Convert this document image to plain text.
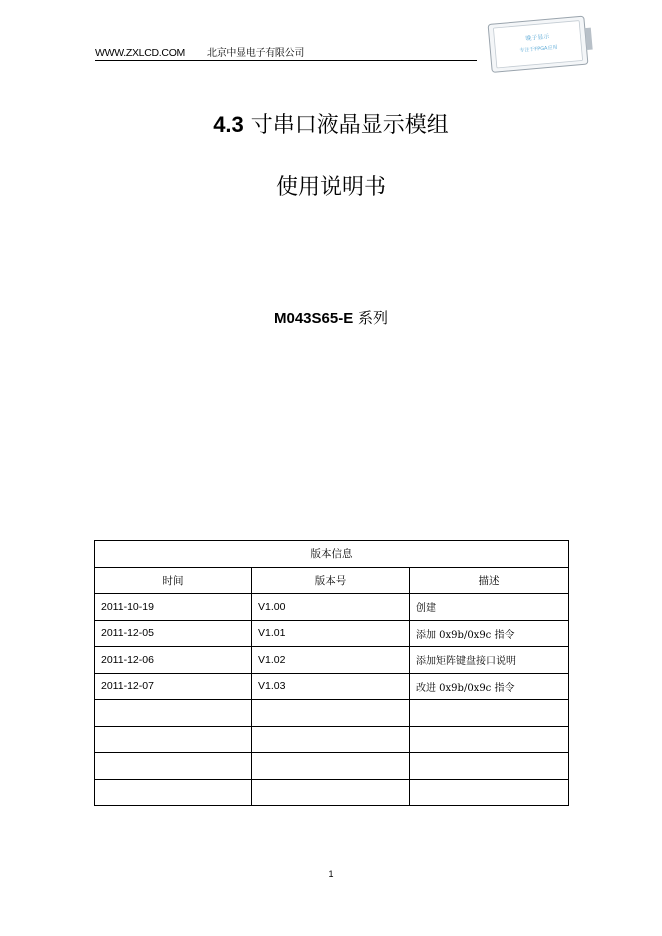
WWW.ZXLCD.COM 北京中显电子有限公司
晚子显示
专注于FPGA应用
4.3 寸串口液晶显示模组
使用说明书
M043S65-E 系列
版本信息		
时间	版本号	描述
2011-10-19	V1.00	创建
2011-12-05	V1.01	添加 0x9b/0x9c 指令
2011-12-06	V1.02	添加矩阵键盘接口说明
2011-12-07	V1.03	改进 0x9b/0x9c 指令

1
